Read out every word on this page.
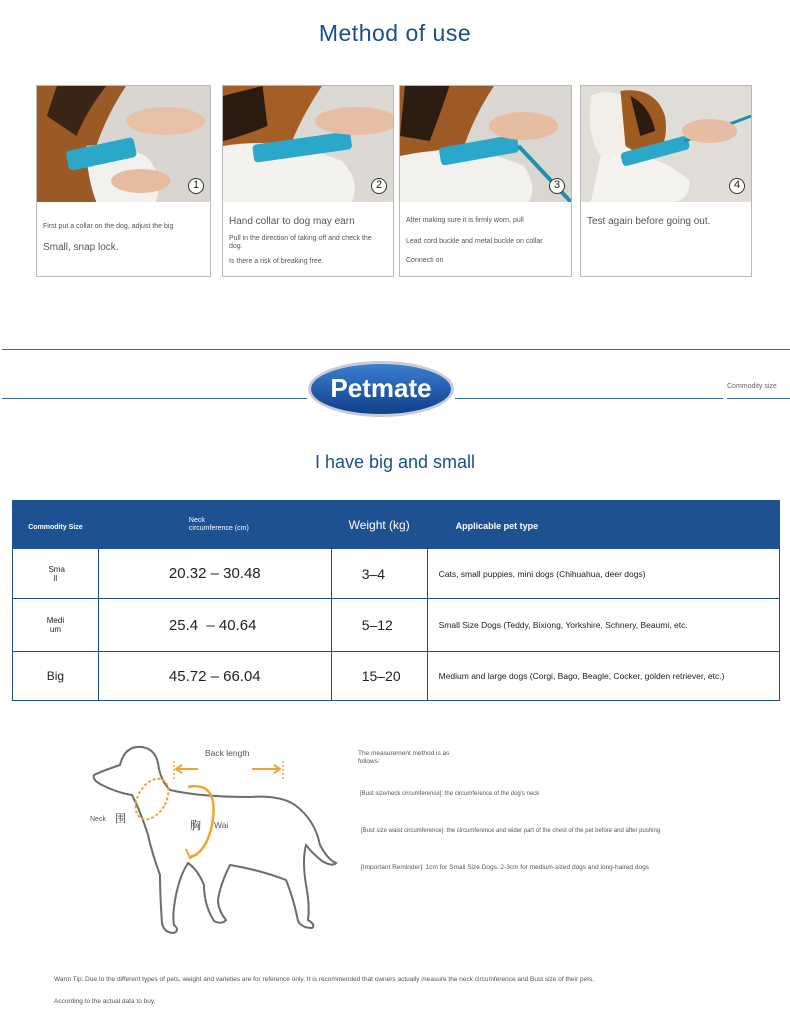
Method of use
1
First put a collar on the dog, adjust the big
Small, snap lock.
2
Hand collar to dog may earn
Pull in the direction of taking off and check the dog.
Is there a risk of breaking free.
3
After making sure it is firmly worn, pull
Lead cord buckle and metal buckle on collar
Connecti on
4
Test again before going out.
Petmate	Commodity size
I have big and small
Commodity Size	Neck circumference (cm)	Weight (kg)	Applicable pet type

Sma ll	20.32 – 30.48	3–4	Cats, small puppies, mini dogs (Chihuahua, deer dogs)

Medi um	25.4  – 40.64	5–12	Small Size Dogs (Teddy, Bixiong, Yorkshire, Schnery, Beaumi, etc.
Big	45.72 – 66.04	15–20	Medium and large dogs (Corgi, Bago, Beagle, Cocker, golden retriever, etc.)
Back length
Neck 围
胸 Wai
The measurement method is as follows:
[Bust size/neck circumference]: the circumference of the dog's neck
[Bust size waist circumference]: the circumference and wider part of the chest of the pet before and after pushing
[Important Reminder]: 1cm for Small Size Dogs, 2-3cm for medium-sized dogs and long-haired dogs
Warm Tip: Due to the different types of pets, weight and varieties are for reference only. It is recommended that owners actually measure the neck circumference and Bust size of their pets,
According to the actual data to buy.
